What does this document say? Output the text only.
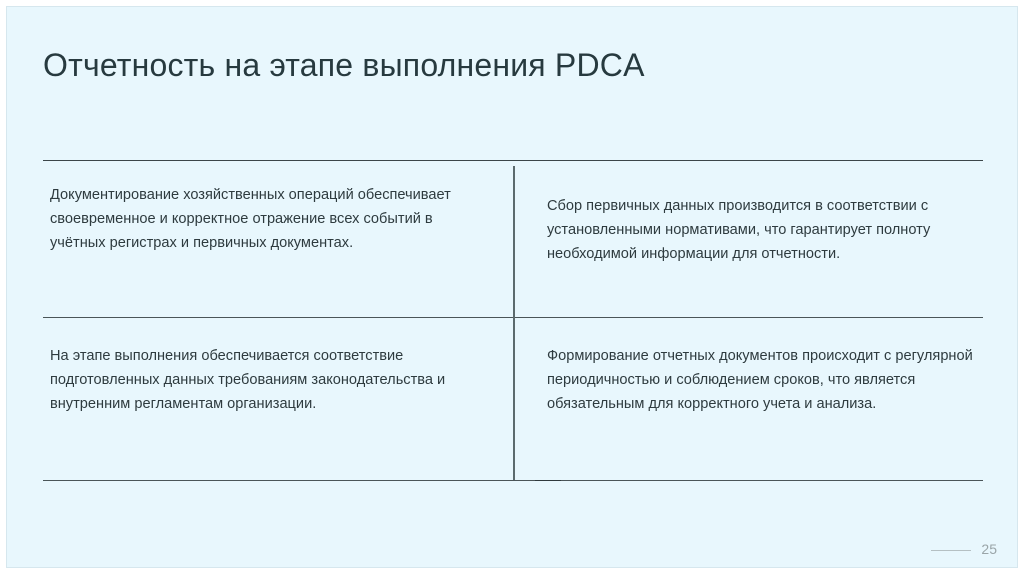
Отчетность на этапе выполнения PDCA
Документирование хозяйственных операций обеспечивает своевременное и корректное отражение всех событий в учётных регистрах и первичных документах.
Сбор первичных данных производится в соответствии с установленными нормативами, что гарантирует полноту необходимой информации для отчетности.
На этапе выполнения обеспечивается соответствие подготовленных данных требованиям законодательства и внутренним регламентам организации.
Формирование отчетных документов происходит с регулярной периодичностью и соблюдением сроков, что является обязательным для корректного учета и анализа.
25
